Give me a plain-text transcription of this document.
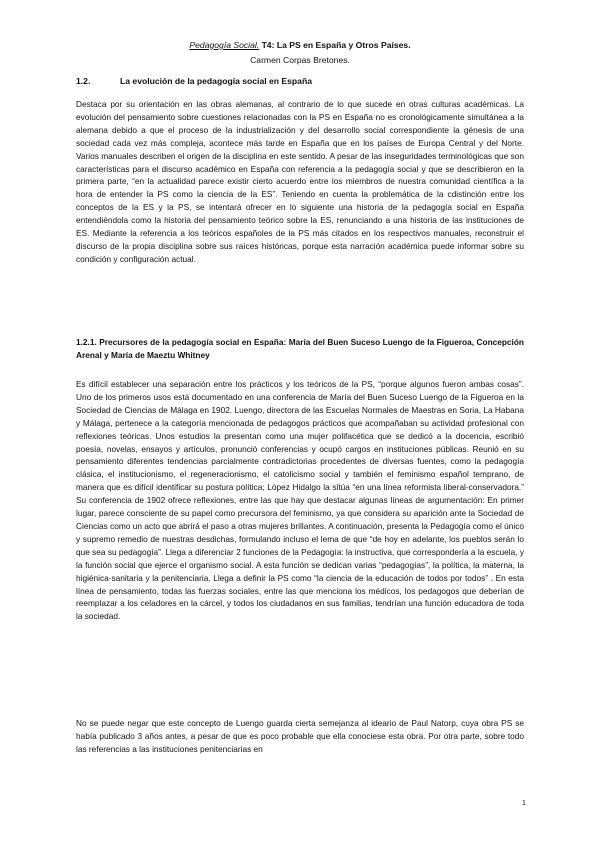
Pedagogía Social. T4: La PS en España y Otros Países.
Carmen Corpas Bretones.
1.2.	La evolución de la pedagogía social en España

Destaca por su orientación en las obras alemanas, al contrario de lo que sucede en otras culturas académicas. La evolución del pensamiento sobre cuestiones relacionadas con la PS en España no es cronológicamente simultánea a la alemana debido a que el proceso de la industrialización y del desarrollo social correspondiente la génesis de una sociedad cada vez más compleja, acontece más tarde en España que en los países de Europa Central y del Norte. Varios manuales describen el origen de la disciplina en este sentido. A pesar de las inseguridades terminológicas que son características para el discurso académico en España con referencia a la pedagogía social y que se describieron en la primera parte, “en la actualidad parece existir cierto acuerdo entre los miembros de nuestra comunidad científica a la hora de entender la PS como la ciencia de la ES”. Teniendo en cuenta la problemática de la cdistinción entre los conceptos de la ES y la PS, se intentará ofrecer en lo siguiente una historia de la pedagogía social en España entendiéndola como la historia del pensamiento teórico sobre la ES, renunciando a una historia de las instituciones de ES. Mediante la referencia a los teóricos españoles de la PS más citados en los respectivos manuales, reconstruir el discurso de la propia disciplina sobre sus raíces históricas, porque esta narración académica puede informar sobre su condición y configuración actual.

1.2.1. Precursores de la pedagogía social en España: María del Buen Suceso Luengo de la Figueroa, Concepción Arenal y María de Maeztu Whitney

Es difícil establecer una separación entre los prácticos y los teóricos de la PS, “porque algunos fueron ambas cosas”. Uno de los primeros usos está documentado en una conferencia de María del Buen Suceso Luengo de la Figueroa en la Sociedad de Ciencias de Málaga en 1902. Luengo, directora de las Escuelas Normales de Maestras en Soria, La Habana y Málaga, pertenece a la categoría mencionada de pedagogos prácticos que acompañaban su actividad profesional con reflexiones teóricas. Unos estudios la presentan como una mujer polifacética que se dedicó a la docencia, escribió poesía, novelas, ensayos y artículos, pronunció conferencias y ocupó cargos en instituciones públicas. Reunió en su pensamiento diferentes tendencias parcialmente contradictorias procedentes de diversas fuentes, como la pedagogía clásica, el institucionismo, el regeneracionismo, el catolicismo social y también el feminismo español temprano, de manera que es difícil identificar su postura política; López Hidalgo la sitúa “en una línea reformista liberal-conservadora.” Su conferencia de 1902 ofrece reflexiones, entre las que hay que destacar algunas líneas de argumentación: En primer lugar, parece consciente de su papel como precursora del feminismo, ya que considera su aparición ante la Sociedad de Ciencias como un acto que abrirá el paso a otras mujeres brillantes. A continuación, presenta la Pedagogía como el único y supremo remedio de nuestras desdichas, formulando incluso el lema de que “de hoy en adelante, los pueblos serán lo que sea su pedagogía”. Llega a diferenciar 2 funciones de la Pedagogía: la instructiva, que correspondería a la escuela, y la función social que ejerce el organismo social. A esta función se dedican varias “pedagogías”, la política, la materna, la higiénica-sanitaria y la penitenciaria. Llega a definir la PS como “la ciencia de la educación de todos por todos” . En esta línea de pensamiento, todas las fuerzas sociales, entre las que menciona los médicos, los pedagogos que deberían de reemplazar a los celadores en la cárcel, y todos los ciudadanos en sus familias, tendrían una función educadora de toda la sociedad.

No se puede negar que este concepto de Luengo guarda cierta semejanza al ideario de Paul Natorp, cuya obra PS se había publicado 3 años antes, a pesar de que es poco probable que ella conociese esta obra. Por otra parte, sobre todo las referencias a las instituciones penitenciarias en

1
